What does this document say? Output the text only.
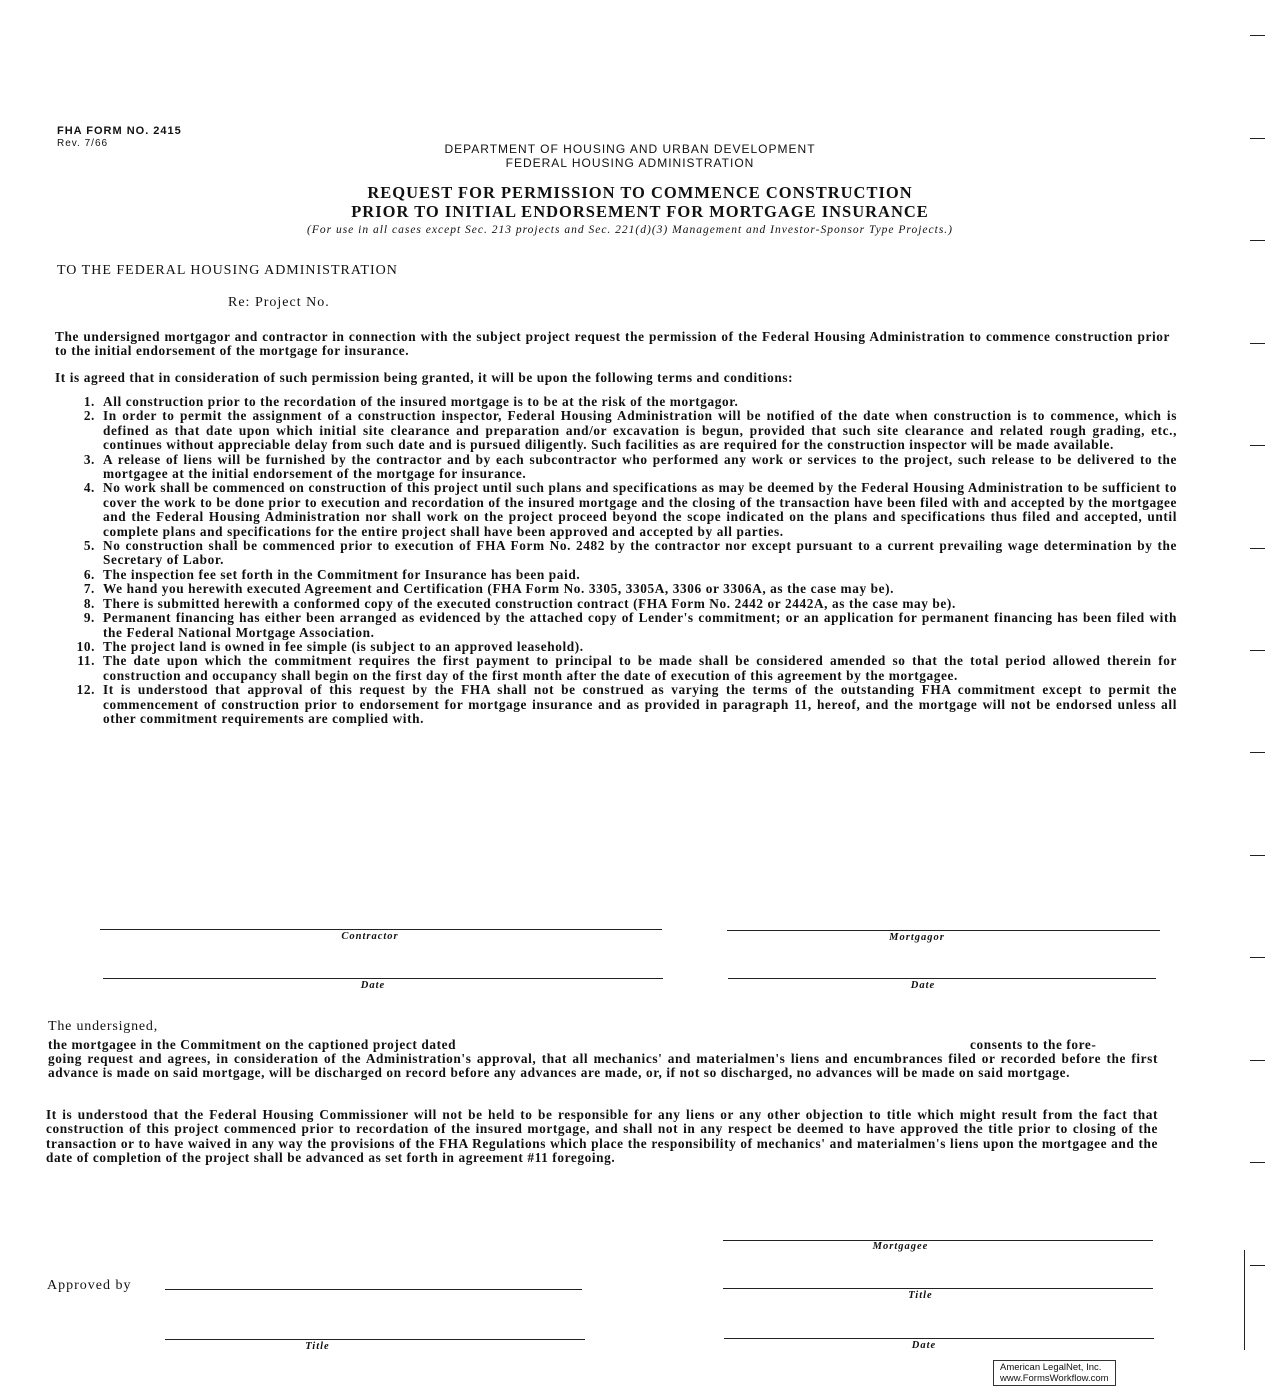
FHA FORM NO. 2415
Rev. 7/66	DEPARTMENT OF HOUSING AND URBAN DEVELOPMENT
FEDERAL HOUSING ADMINISTRATION
REQUEST FOR PERMISSION TO COMMENCE CONSTRUCTION
PRIOR TO INITIAL ENDORSEMENT FOR MORTGAGE INSURANCE
(For use in all cases except Sec. 213 projects and Sec. 221(d)(3) Management and Investor-Sponsor Type Projects.)
TO THE FEDERAL HOUSING ADMINISTRATION
Re: Project No.
The undersigned mortgagor and contractor in connection with the subject project request the permission of the Federal Housing Administration to commence construction prior to the initial endorsement of the mortgage for insurance.
It is agreed that in consideration of such permission being granted, it will be upon the following terms and conditions:
1. All construction prior to the recordation of the insured mortgage is to be at the risk of the mortgagor.
2. In order to permit the assignment of a construction inspector, Federal Housing Administration will be notified of the date when construction is to commence, which is defined as that date upon which initial site clearance and preparation and/or excavation is begun, provided that such site clearance and related rough grading, etc., continues without appreciable delay from such date and is pursued diligently. Such facilities as are required for the construction inspector will be made available.
3. A release of liens will be furnished by the contractor and by each subcontractor who performed any work or services to the project, such release to be delivered to the mortgagee at the initial endorsement of the mortgage for insurance.
4. No work shall be commenced on construction of this project until such plans and specifications as may be deemed by the Federal Housing Administration to be sufficient to cover the work to be done prior to execution and recordation of the insured mortgage and the closing of the transaction have been filed with and accepted by the mortgagee and the Federal Housing Administration nor shall work on the project proceed beyond the scope indicated on the plans and specifications thus filed and accepted, until complete plans and specifications for the entire project shall have been approved and accepted by all parties.
5. No construction shall be commenced prior to execution of FHA Form No. 2482 by the contractor nor except pursuant to a current prevailing wage determination by the Secretary of Labor.
6. The inspection fee set forth in the Commitment for Insurance has been paid.
7. We hand you herewith executed Agreement and Certification (FHA Form No. 3305, 3305A, 3306 or 3306A, as the case may be).
8. There is submitted herewith a conformed copy of the executed construction contract (FHA Form No. 2442 or 2442A, as the case may be).
9. Permanent financing has either been arranged as evidenced by the attached copy of Lender's commitment; or an application for permanent financing has been filed with the Federal National Mortgage Association.
10. The project land is owned in fee simple (is subject to an approved leasehold).
11. The date upon which the commitment requires the first payment to principal to be made shall be considered amended so that the total period allowed therein for construction and occupancy shall begin on the first day of the first month after the date of execution of this agreement by the mortgagee.
12. It is understood that approval of this request by the FHA shall not be construed as varying the terms of the outstanding FHA commitment except to permit the commencement of construction prior to endorsement for mortgage insurance and as provided in paragraph 11, hereof, and the mortgage will not be endorsed unless all other commitment requirements are complied with.
Contractor	Mortgagor
Date	Date
The undersigned,
the mortgagee in the Commitment on the captioned project dated	consents to the fore-
going request and agrees, in consideration of the Administration's approval, that all mechanics' and materialmen's liens and encumbrances filed or recorded before the first advance is made on said mortgage, will be discharged on record before any advances are made, or, if not so discharged, no advances will be made on said mortgage.
It is understood that the Federal Housing Commissioner will not be held to be responsible for any liens or any other objection to title which might result from the fact that construction of this project commenced prior to recordation of the insured mortgage, and shall not in any respect be deemed to have approved the title prior to closing of the transaction or to have waived in any way the provisions of the FHA Regulations which place the responsibility of mechanics' and materialmen's liens upon the mortgagee and the date of completion of the project shall be advanced as set forth in agreement #11 foregoing.
Mortgagee
Approved by
Title
Title	Date
American LegalNet, Inc.
www.FormsWorkflow.com
